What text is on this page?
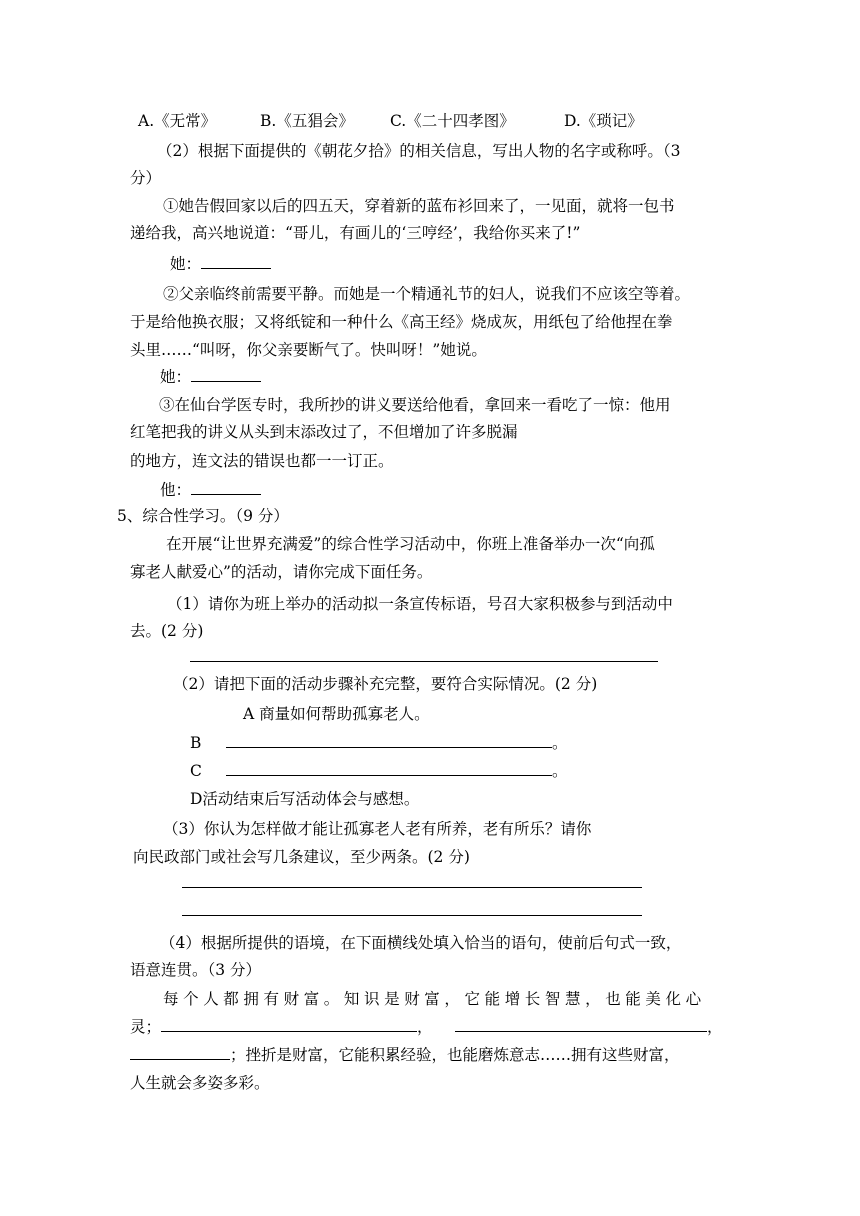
A.《无常》	B.《五猖会》 C.《二十四孝图》	D.《琐记》
（2）根据下面提供的《朝花夕拾》的相关信息，写出人物的名字或称呼。（3
分）
①她告假回家以后的四五天，穿着新的蓝布衫回来了，一见面，就将一包书
递给我，高兴地说道：“哥儿，有画儿的‘三哼经’，我给你买来了!”
她：
②父亲临终前需要平静。而她是一个精通礼节的妇人，说我们不应该空等着。
于是给他换衣服；又将纸锭和一种什么《高王经》烧成灰，用纸包了给他捏在拳
头里……“叫呀，你父亲要断气了。快叫呀！”她说。
她：
③在仙台学医专时，我所抄的讲义要送给他看，拿回来一看吃了一惊：他用
红笔把我的讲义从头到末添改过了，不但增加了许多脱漏
的地方，连文法的错误也都一一订正。
他：
5、综合性学习。（9 分）
在开展“让世界充满爱”的综合性学习活动中，你班上准备举办一次“向孤
寡老人献爱心”的活动，请你完成下面任务。
（1）请你为班上举办的活动拟一条宣传标语，号召大家积极参与到活动中
去。(2 分)
（2）请把下面的活动步骤补充完整，要符合实际情况。(2 分)
A 商量如何帮助孤寡老人。
B	。
C	。
D活动结束后写活动体会与感想。
（3）你认为怎样做才能让孤寡老人老有所养，老有所乐？请你
向民政部门或社会写几条建议，至少两条。(2 分)
（4）根据所提供的语境，在下面横线处填入恰当的语句，使前后句式一致，
语意连贯。（3 分）
每个人都拥有财富。知识是财富，它能增长智慧，也能美化心
灵；	，	，
；挫折是财富，它能积累经验，也能磨炼意志……拥有这些财富，
人生就会多姿多彩。
